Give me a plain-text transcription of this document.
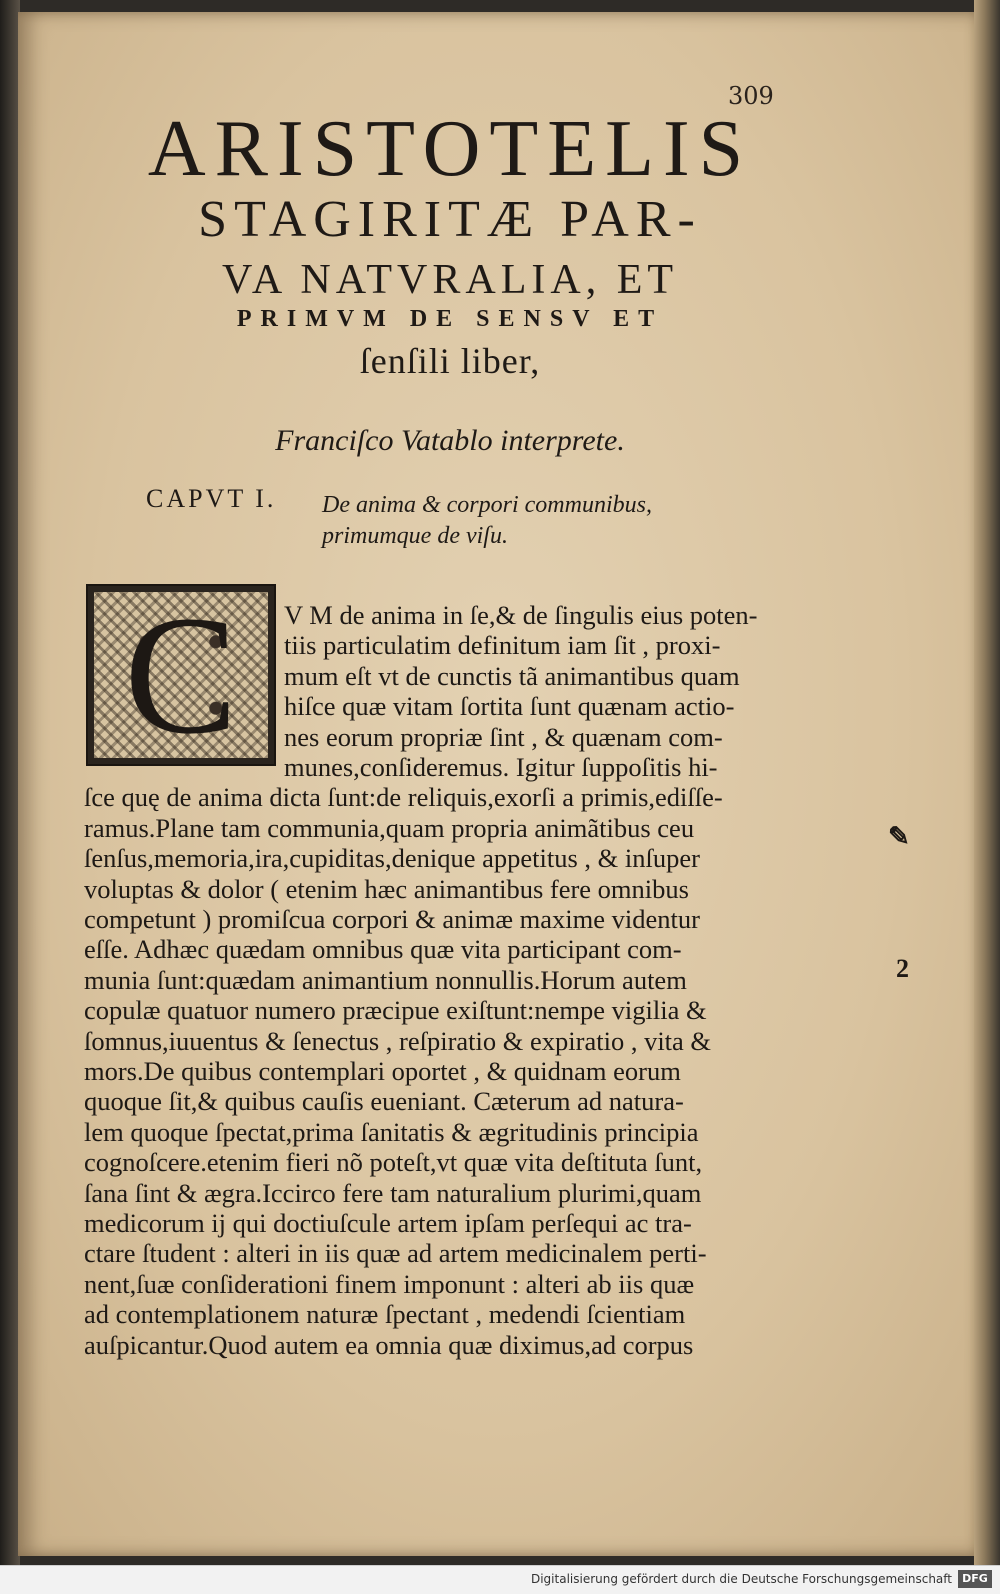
309
ARISTOTELIS
STAGIRITÆ PAR-
VA NATVRALIA, ET
PRIMVM DE SENSV ET
ſenſili liber,
Franciſco Vatablo interprete.
CAPVT I. De anima & corpori communibus,
primumque de viſu.
C	V M de anima in ſe,& de ſingulis eius poten-
tiis particulatim definitum iam ſit , proxi-
mum eſt vt de cunctis tã animantibus quam
hiſce quæ vitam ſortita ſunt quænam actio-
nes eorum propriæ ſint , & quænam com-
munes,conſideremus. Igitur ſuppoſitis hi-
ſce quę de anima dicta ſunt:de reliquis,exorſi a primis,ediſſe-
ramus.Plane tam communia,quam propria animãtibus ceu
ſenſus,memoria,ira,cupiditas,denique appetitus , & inſuper
voluptas & dolor ( etenim hæc animantibus fere omnibus
competunt ) promiſcua corpori & animæ maxime videntur
eſſe. Adhæc quædam omnibus quæ vita participant com-
munia ſunt:quædam animantium nonnullis.Horum autem
copulæ quatuor numero præcipue exiſtunt:nempe vigilia &
ſomnus,iuuentus & ſenectus , reſpiratio & expiratio , vita &
mors.De quibus contemplari oportet , & quidnam eorum
quoque ſit,& quibus cauſis eueniant. Cæterum ad natura-
lem quoque ſpectat,prima ſanitatis & ægritudinis principia
cognoſcere.etenim fieri nõ poteſt,vt quæ vita deſtituta ſunt,
ſana ſint & ægra.Iccirco fere tam naturalium plurimi,quam
medicorum ij qui doctiuſcule artem ipſam perſequi ac tra-
ctare ſtudent : alteri in iis quæ ad artem medicinalem perti-
nent,ſuæ conſiderationi finem imponunt : alteri ab iis quæ
ad contemplationem naturæ ſpectant , medendi ſcientiam
auſpicantur.Quod autem ea omnia quæ diximus,ad corpus
✎
2
Digitalisierung gefördert durch die Deutsche Forschungsgemeinschaft DFG
